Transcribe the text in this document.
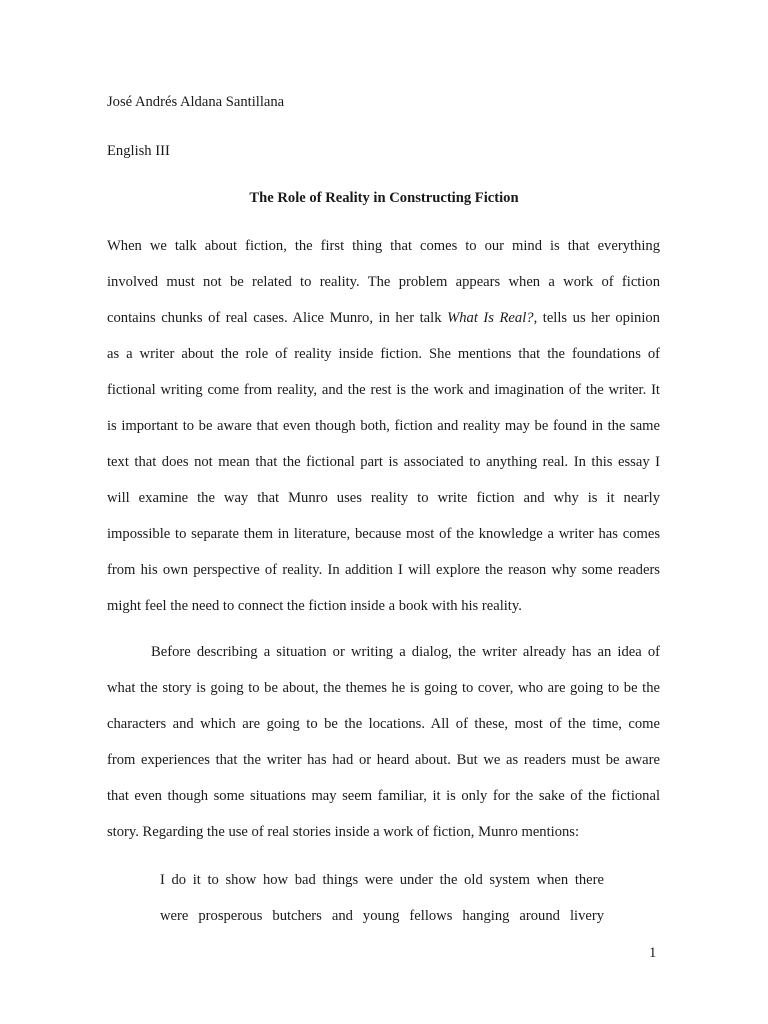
José Andrés Aldana Santillana
English III
The Role of Reality in Constructing Fiction
When we talk about fiction, the first thing that comes to our mind is that everything
involved must not be related to reality. The problem appears when a work of fiction
contains chunks of real cases. Alice Munro, in her talk What Is Real?, tells us her opinion
as a writer about the role of reality inside fiction. She mentions that the foundations of
fictional writing come from reality, and the rest is the work and imagination of the writer. It
is important to be aware that even though both, fiction and reality may be found in the same
text that does not mean that the fictional part is associated to anything real. In this essay I
will examine the way that Munro uses reality to write fiction and why is it nearly
impossible to separate them in literature, because most of the knowledge a writer has comes
from his own perspective of reality. In addition I will explore the reason why some readers
might feel the need to connect the fiction inside a book with his reality.
Before describing a situation or writing a dialog, the writer already has an idea of
what the story is going to be about, the themes he is going to cover, who are going to be the
characters and which are going to be the locations. All of these, most of the time, come
from experiences that the writer has had or heard about. But we as readers must be aware
that even though some situations may seem familiar, it is only for the sake of the fictional
story. Regarding the use of real stories inside a work of fiction, Munro mentions:
I do it to show how bad things were under the old system when there
were prosperous butchers and young fellows hanging around livery
1
